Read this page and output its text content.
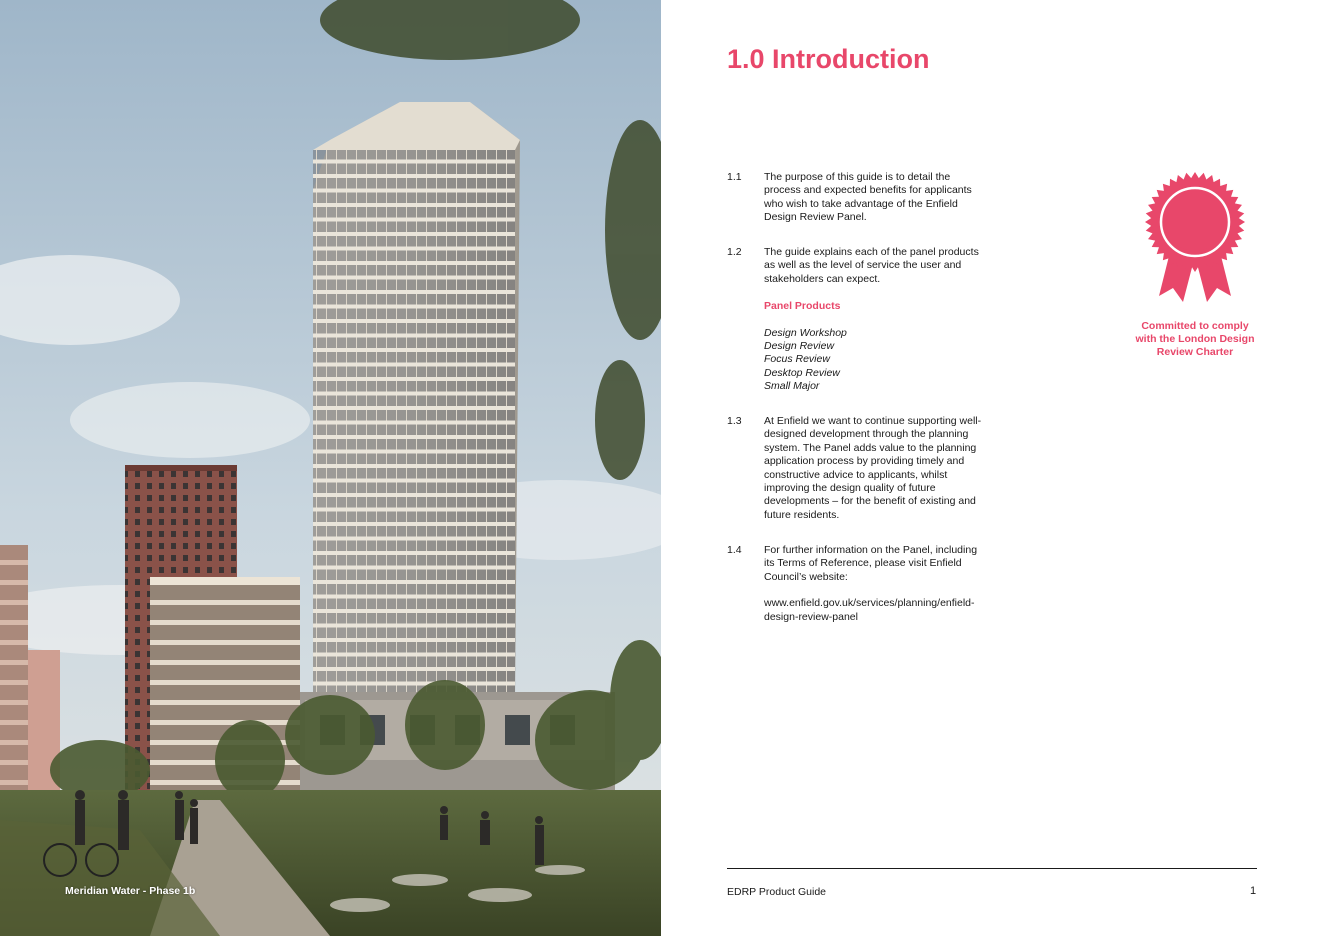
Meridian Water - Phase 1b
1.0 Introduction
1.1 The purpose of this guide is to detail the process and expected benefits for applicants who wish to take advantage of the Enfield Design Review Panel.
1.2 The guide explains each of the panel products as well as the level of service the user and stakeholders can expect.
Panel Products
Design Workshop
Design Review
Focus Review
Desktop Review
Small Major
1.3 At Enfield we want to continue supporting well-designed development through the planning system. The Panel adds value to the planning application process by providing timely and constructive advice to applicants, whilst improving the design quality of future developments – for the benefit of existing and future residents.
1.4 For further information on the Panel, including its Terms of Reference, please visit Enfield Council’s website:
www.enfield.gov.uk/services/planning/enfield-design-review-panel
Committed to comply with the London Design Review Charter
EDRP Product Guide	1
